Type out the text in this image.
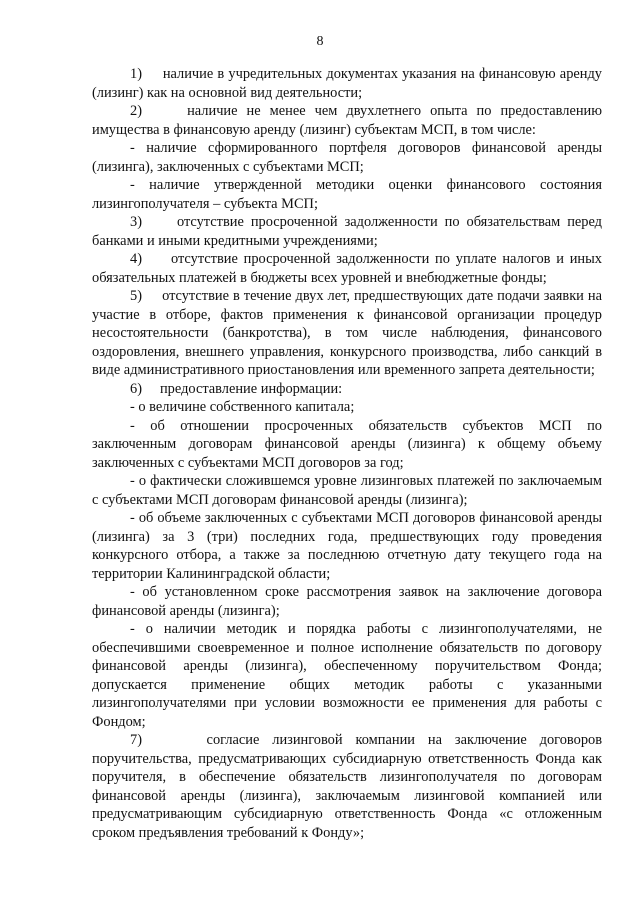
8

1)     наличие в учредительных документах указания на финансовую аренду (лизинг) как на основной вид деятельности;

2)     наличие не менее чем двухлетнего опыта по предоставлению имущества в финансовую аренду (лизинг) субъектам МСП, в том числе:

- наличие сформированного портфеля договоров финансовой аренды (лизинга), заключенных с субъектами МСП;

- наличие утвержденной методики оценки финансового состояния лизингополучателя – субъекта МСП;

3)     отсутствие просроченной задолженности по обязательствам перед банками и иными кредитными учреждениями;

4)     отсутствие просроченной задолженности по уплате налогов и иных обязательных платежей в бюджеты всех уровней и внебюджетные фонды;

5)     отсутствие в течение двух лет, предшествующих дате подачи заявки на участие в отборе, фактов применения к финансовой организации процедур несостоятельности (банкротства), в том числе наблюдения, финансового оздоровления, внешнего управления, конкурсного производства, либо санкций в виде административного приостановления или временного запрета деятельности;

6)     предоставление информации:

- о величине собственного капитала;

- об отношении просроченных обязательств субъектов МСП по заключенным договорам финансовой аренды (лизинга) к общему объему заключенных с субъектами МСП договоров за год;

- о фактически сложившемся уровне лизинговых платежей по заключаемым с субъектами МСП договорам финансовой аренды (лизинга);

- об объеме заключенных с субъектами МСП договоров финансовой аренды (лизинга) за 3 (три) последних года, предшествующих году проведения конкурсного отбора, а также за последнюю отчетную дату текущего года на территории Калининградской области;

- об установленном сроке рассмотрения заявок на заключение договора финансовой аренды (лизинга);

- о наличии методик и порядка работы с лизингополучателями, не обеспечившими своевременное и полное исполнение обязательств по договору финансовой аренды (лизинга), обеспеченному поручительством Фонда; допускается применение общих методик работы с указанными лизингополучателями при условии возможности ее применения для работы с Фондом;

7)     согласие лизинговой компании на заключение договоров поручительства, предусматривающих субсидиарную ответственность Фонда как поручителя, в обеспечение обязательств лизингополучателя по договорам финансовой аренды (лизинга), заключаемым лизинговой компанией или предусматривающим субсидиарную ответственность Фонда «с отложенным сроком предъявления требований к Фонду»;
